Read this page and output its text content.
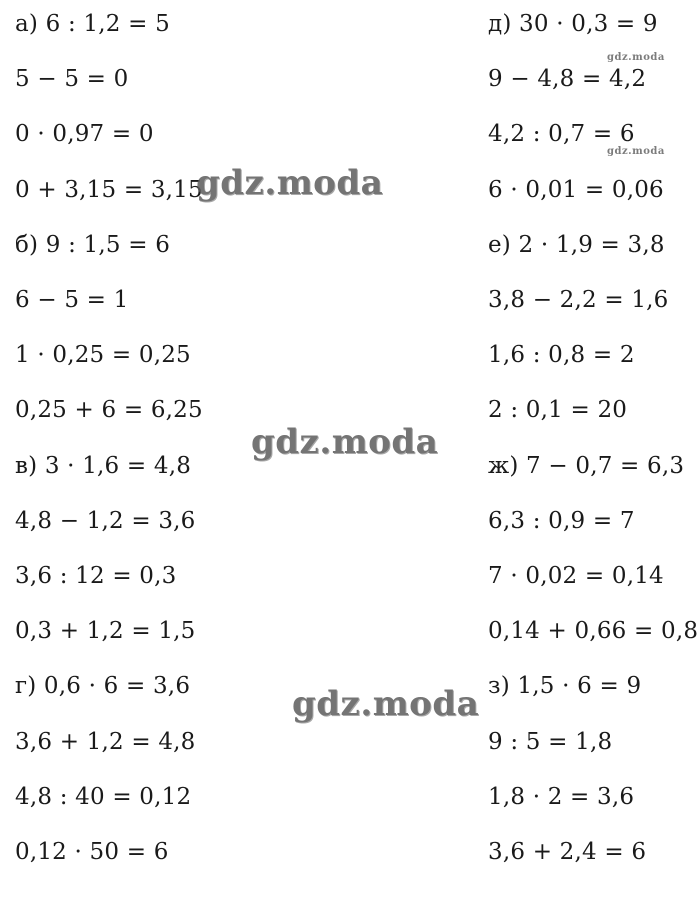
а) 6 : 1,2 = 5
5 − 5 = 0
0 · 0,97 = 0
0 + 3,15 = 3,15
б) 9 : 1,5 = 6
6 − 5 = 1
1 · 0,25 = 0,25
0,25 + 6 = 6,25
в) 3 · 1,6 = 4,8
4,8 − 1,2 = 3,6
3,6 : 12 = 0,3
0,3 + 1,2 = 1,5
г) 0,6 · 6 = 3,6
3,6 + 1,2 = 4,8
4,8 : 40 = 0,12
0,12 · 50 = 6
д) 30 · 0,3 = 9
9 − 4,8 = 4,2
4,2 : 0,7 = 6
6 · 0,01 = 0,06
е) 2 · 1,9 = 3,8
3,8 − 2,2 = 1,6
1,6 : 0,8 = 2
2 : 0,1 = 20
ж) 7 − 0,7 = 6,3
6,3 : 0,9 = 7
7 · 0,02 = 0,14
0,14 + 0,66 = 0,8
з) 1,5 · 6 = 9
9 : 5 = 1,8
1,8 · 2 = 3,6
3,6 + 2,4 = 6
gdz.moda
gdz.moda
gdz.moda
gdz.moda
gdz.moda
